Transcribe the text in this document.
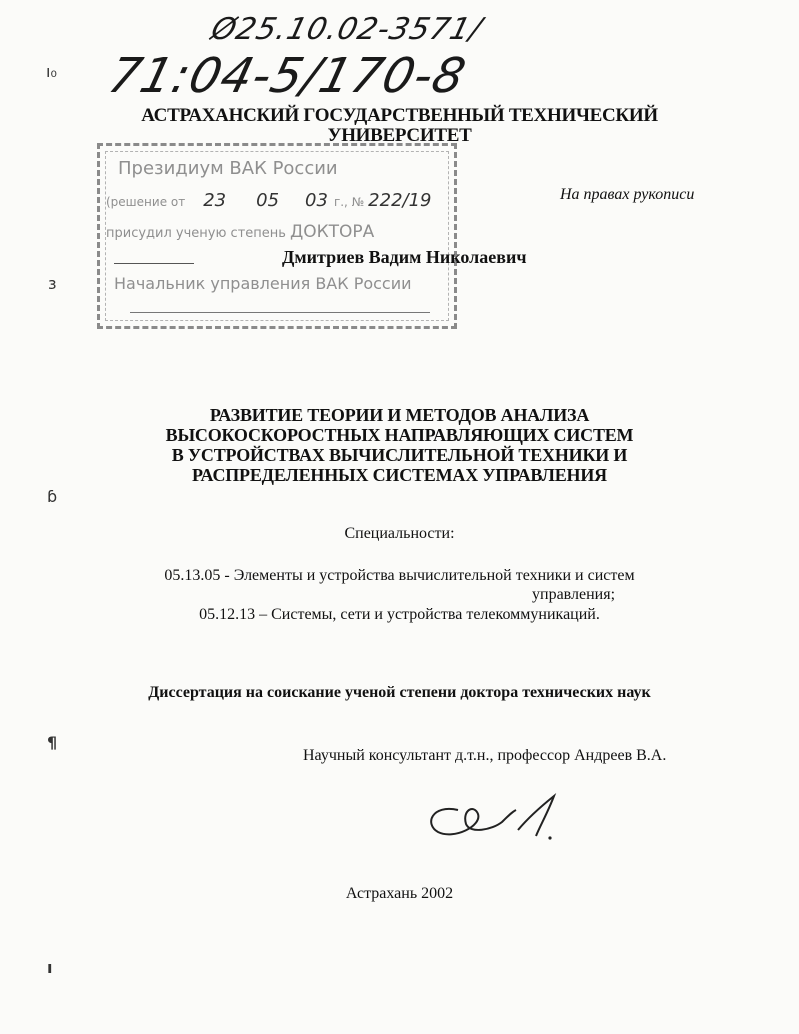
Ø25.10.02-3571/
71:04-5/170-8
ı₀
ɜ
ɓ
¶
ı
АСТРАХАНСКИЙ ГОСУДАРСТВЕННЫЙ ТЕХНИЧЕСКИЙ
УНИВЕРСИТЕТ
Президиум ВАК России
(решение от 23 05 03 г., № 222/19
присудил ученую степень ДОКТОРА
Начальник управления ВАК России
На правах рукописи
Дмитриев Вадим Николаевич
РАЗВИТИЕ ТЕОРИИ И МЕТОДОВ АНАЛИЗА
ВЫСОКОСКОРОСТНЫХ НАПРАВЛЯЮЩИХ СИСТЕМ
В УСТРОЙСТВАХ ВЫЧИСЛИТЕЛЬНОЙ ТЕХНИКИ И
РАСПРЕДЕЛЕННЫХ СИСТЕМАХ УПРАВЛЕНИЯ
Специальности:
05.13.05 - Элементы и устройства вычислительной техники и систем
управления;
05.12.13 – Системы, сети и устройства телекоммуникаций.
Диссертация на соискание ученой степени доктора технических наук
Научный консультант д.т.н., профессор Андреев В.А.
Астрахань 2002
